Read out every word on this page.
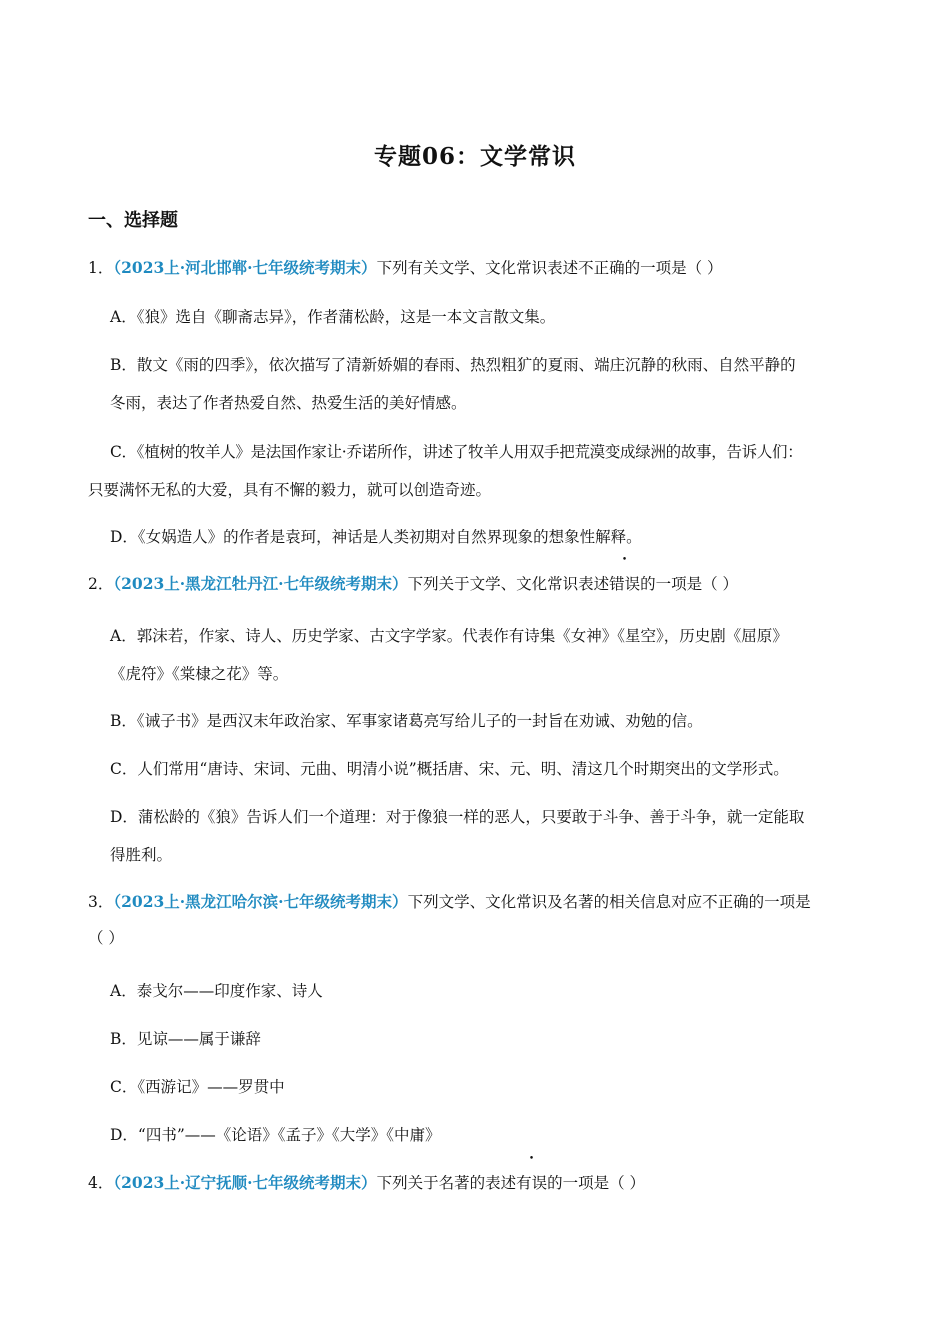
专题06：文学常识
一、选择题
1．（2023上·河北邯郸·七年级统考期末）下列有关文学、文化常识表述不正确的一项是（ ）
A．《狼》选自《聊斋志异》，作者蒲松龄，这是一本文言散文集。
B．散文《雨的四季》，依次描写了清新娇媚的春雨、热烈粗犷的夏雨、端庄沉静的秋雨、自然平静的
冬雨，表达了作者热爱自然、热爱生活的美好情感。
C．《植树的牧羊人》是法国作家让·乔诺所作，讲述了牧羊人用双手把荒漠变成绿洲的故事，告诉人们：
只要满怀无私的大爱，具有不懈的毅力，就可以创造奇迹。
D．《女娲造人》的作者是袁珂，神话是人类初期对自然界现象的想象性解释。
2．（2023上·黑龙江牡丹江·七年级统考期末）下列关于文学、文化常识表述错误的一项是（ ）
A．郭沫若，作家、诗人、历史学家、古文字学家。代表作有诗集《女神》《星空》，历史剧《屈原》
《虎符》《棠棣之花》等。
B．《诫子书》是西汉末年政治家、军事家诸葛亮写给儿子的一封旨在劝诫、劝勉的信。
C．人们常用“唐诗、宋词、元曲、明清小说”概括唐、宋、元、明、清这几个时期突出的文学形式。
D．蒲松龄的《狼》告诉人们一个道理：对于像狼一样的恶人，只要敢于斗争、善于斗争，就一定能取
得胜利。
3．（2023上·黑龙江哈尔滨·七年级统考期末）下列文学、文化常识及名著的相关信息对应不正确的一项是
（ ）
A．泰戈尔——印度作家、诗人
B．见谅——属于谦辞
C．《西游记》——罗贯中
D．“四书”——《论语》《孟子》《大学》《中庸》
4．（2023上·辽宁抚顺·七年级统考期末）下列关于名著的表述有误的一项是（ ）
